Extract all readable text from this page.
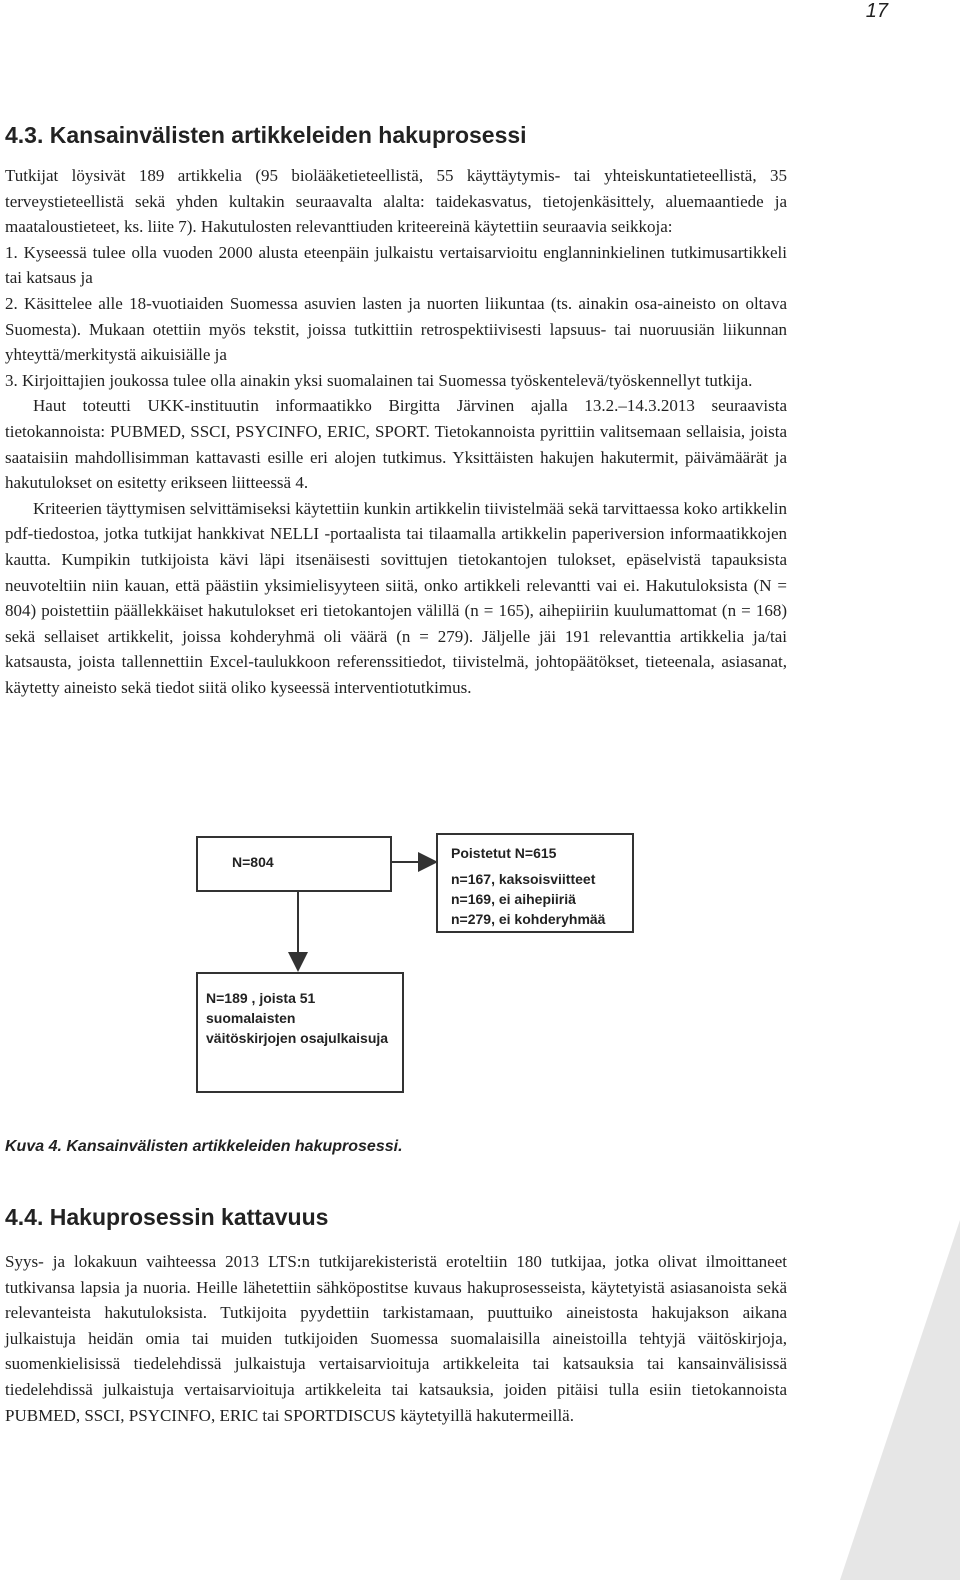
17
4.3. Kansainvälisten artikkeleiden hakuprosessi

Tutkijat löysivät 189 artikkelia (95 biolääketieteellistä, 55 käyttäytymis- tai yhteiskuntatieteellistä, 35 terveystieteellistä sekä yhden kultakin seuraavalta alalta: taidekasvatus, tietojenkäsittely, aluemaantiede ja maataloustieteet, ks. liite 7). Hakutulosten relevanttiuden kriteereinä käytettiin seuraavia seikkoja:

1. Kyseessä tulee olla vuoden 2000 alusta eteenpäin julkaistu vertaisarvioitu englanninkielinen tutkimusartikkeli tai katsaus ja

2. Käsittelee alle 18-vuotiaiden Suomessa asuvien lasten ja nuorten liikuntaa (ts. ainakin osa-aineisto on oltava Suomesta). Mukaan otettiin myös tekstit, joissa tutkittiin retrospektiivisesti lapsuus- tai nuoruusiän liikunnan yhteyttä/merkitystä aikuisiälle ja

3. Kirjoittajien joukossa tulee olla ainakin yksi suomalainen tai Suomessa työskentelevä/työskennellyt tutkija.

Haut toteutti UKK-instituutin informaatikko Birgitta Järvinen ajalla 13.2.–14.3.2013 seuraavista tietokannoista: PUBMED, SSCI, PSYCINFO, ERIC, SPORT. Tietokannoista pyrittiin valitsemaan sellaisia, joista saataisiin mahdollisimman kattavasti esille eri alojen tutkimus. Yksittäisten hakujen hakutermit, päivämäärät ja hakutulokset on esitetty erikseen liitteessä 4.

Kriteerien täyttymisen selvittämiseksi käytettiin kunkin artikkelin tiivistelmää sekä tarvittaessa koko artikkelin pdf-tiedostoa, jotka tutkijat hankkivat NELLI -portaalista tai tilaamalla artikkelin paperiversion informaatikkojen kautta. Kumpikin tutkijoista kävi läpi itsenäisesti sovittujen tietokantojen tulokset, epäselvistä tapauksista neuvoteltiin niin kauan, että päästiin yksimielisyyteen siitä, onko artikkeli relevantti vai ei. Hakutuloksista (N = 804) poistettiin päällekkäiset hakutulokset eri tietokantojen välillä (n = 165), aihepiiriin kuulumattomat (n = 168) sekä sellaiset artikkelit, joissa kohderyhmä oli väärä (n = 279). Jäljelle jäi 191 relevanttia artikkelia ja/tai katsausta, joista tallennettiin Excel-taulukkoon referenssitiedot, tiivistelmä, johtopäätökset, tieteenala, asiasanat, käytetty aineisto sekä tiedot siitä oliko kyseessä interventiotutkimus.

N=804
Poistetut N=615
n=167, kaksoisviitteet
n=169, ei aihepiiriä
n=279, ei kohderyhmää
N=189 , joista 51
suomalaisten
väitöskirjojen osajulkaisuja
Kuva 4. Kansainvälisten artikkeleiden hakuprosessi.
4.4. Hakuprosessin kattavuus

Syys- ja lokakuun vaihteessa 2013 LTS:n tutkijarekisteristä eroteltiin 180 tutkijaa, jotka olivat ilmoittaneet tutkivansa lapsia ja nuoria. Heille lähetettiin sähköpostitse kuvaus hakuprosesseista, käytetyistä asiasanoista sekä relevanteista hakutuloksista. Tutkijoita pyydettiin tarkistamaan, puuttuiko aineistosta hakujakson aikana julkaistuja heidän omia tai muiden tutkijoiden Suomessa suomalaisilla aineistoilla tehtyjä väitöskirjoja, suomenkielisissä tiedelehdissä julkaistuja vertaisarvioituja artikkeleita tai katsauksia tai kansainvälisissä tiedelehdissä julkaistuja vertaisarvioituja artikkeleita tai katsauksia, joiden pitäisi tulla esiin tietokannoista PUBMED, SSCI, PSYCINFO, ERIC tai SPORTDISCUS käytetyillä hakutermeillä.
